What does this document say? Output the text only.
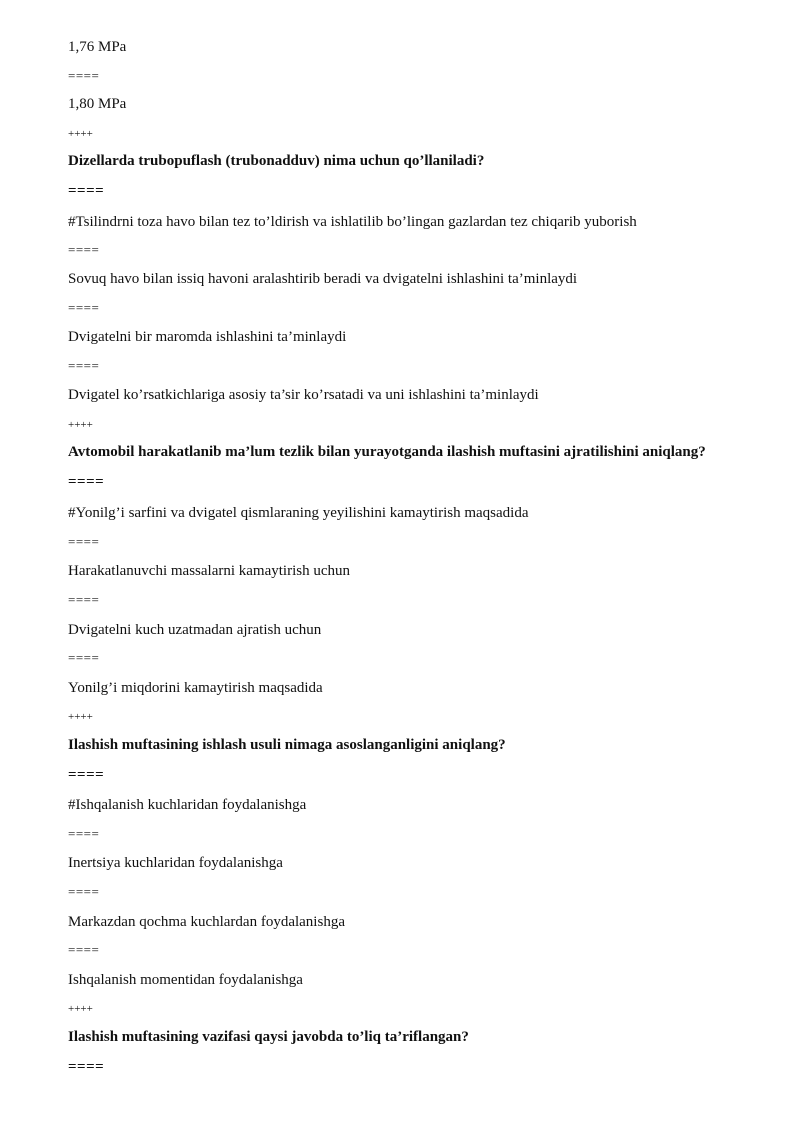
1,76 MPa
====
1,80 MPa
++++
Dizellarda trubopuflash (trubonadduv) nima uchun qo’llaniladi?
====
#Tsilindrni toza havo bilan tez to’ldirish va ishlatilib bo’lingan gazlardan tez chiqarib yuborish
====
Sovuq havo bilan issiq havoni aralashtirib beradi va dvigatelni ishlashini ta’minlaydi
====
Dvigatelni bir maromda ishlashini ta’minlaydi
====
Dvigatel ko’rsatkichlariga asosiy ta’sir ko’rsatadi va uni ishlashini ta’minlaydi
++++
Avtomobil harakatlanib ma’lum tezlik bilan yurayotganda ilashish muftasini ajratilishini aniqlang?
====
#Yonilg’i sarfini va dvigatel qismlaraning yeyilishini kamaytirish maqsadida
====
Harakatlanuvchi massalarni kamaytirish uchun
====
Dvigatelni kuch uzatmadan ajratish uchun
====
Yonilg’i miqdorini kamaytirish maqsadida
++++
Ilashish muftasining ishlash usuli nimaga asoslanganligini aniqlang?
====
#Ishqalanish kuchlaridan foydalanishga
====
Inertsiya kuchlaridan foydalanishga
====
Markazdan qochma kuchlardan foydalanishga
====
Ishqalanish momentidan foydalanishga
++++
Ilashish muftasining vazifasi qaysi javobda to’liq ta’riflangan?
====
